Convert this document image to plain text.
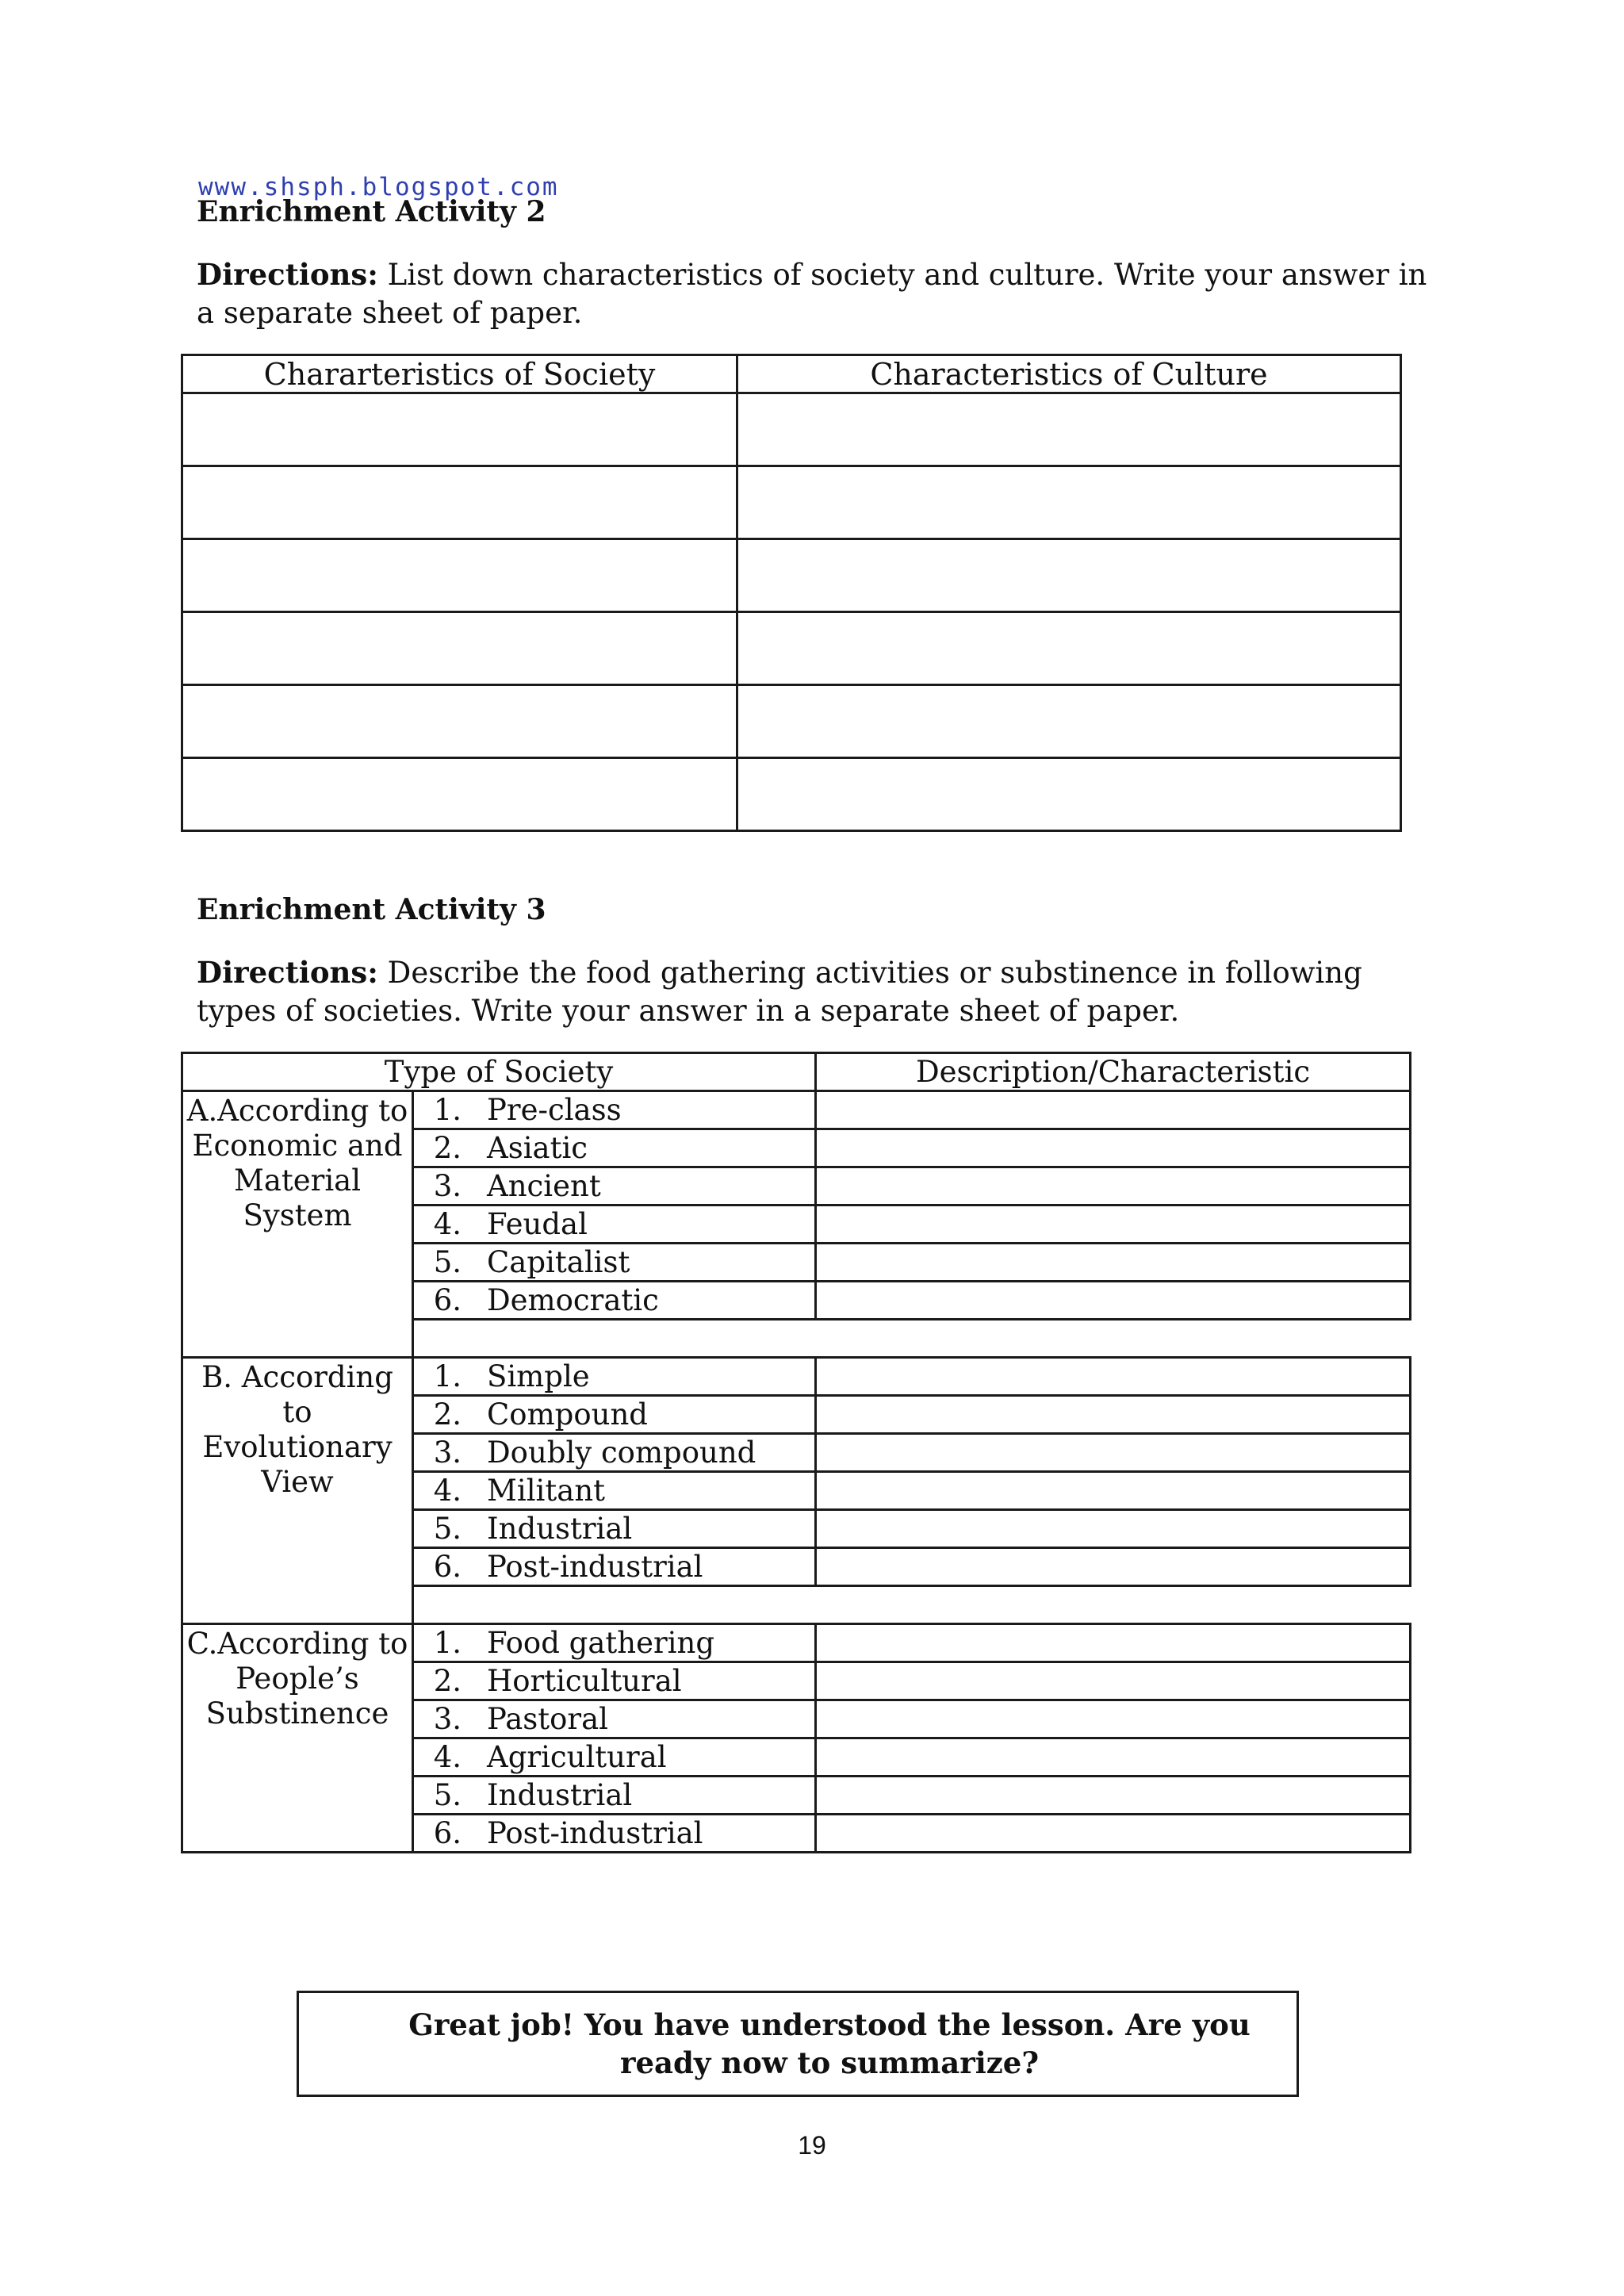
www.shsph.blogspot.com
Enrichment Activity 2
Directions: List down characteristics of society and culture. Write your answer in a separate sheet of paper.
Chararteristics of Society	Characteristics of Culture

Enrichment Activity 3
Directions: Describe the food gathering activities or substinence in following types of societies. Write your answer in a separate sheet of paper.
Type of Society		Description/Characteristic
A.According to Economic and Material System	1. Pre-class	
	2. Asiatic	
	3. Ancient	
	4. Feudal	
	5. Capitalist	
	6. Democratic	

B. According to Evolutionary View	1. Simple	
	2. Compound	
	3. Doubly compound	
	4. Militant	
	5. Industrial	
	6. Post-industrial	

C.According to People’s Substinence	1. Food gathering	
	2. Horticultural	
	3. Pastoral	
	4. Agricultural	
	5. Industrial	
	6. Post-industrial	
Great job! You have understood the lesson. Are you ready now to summarize?
19
